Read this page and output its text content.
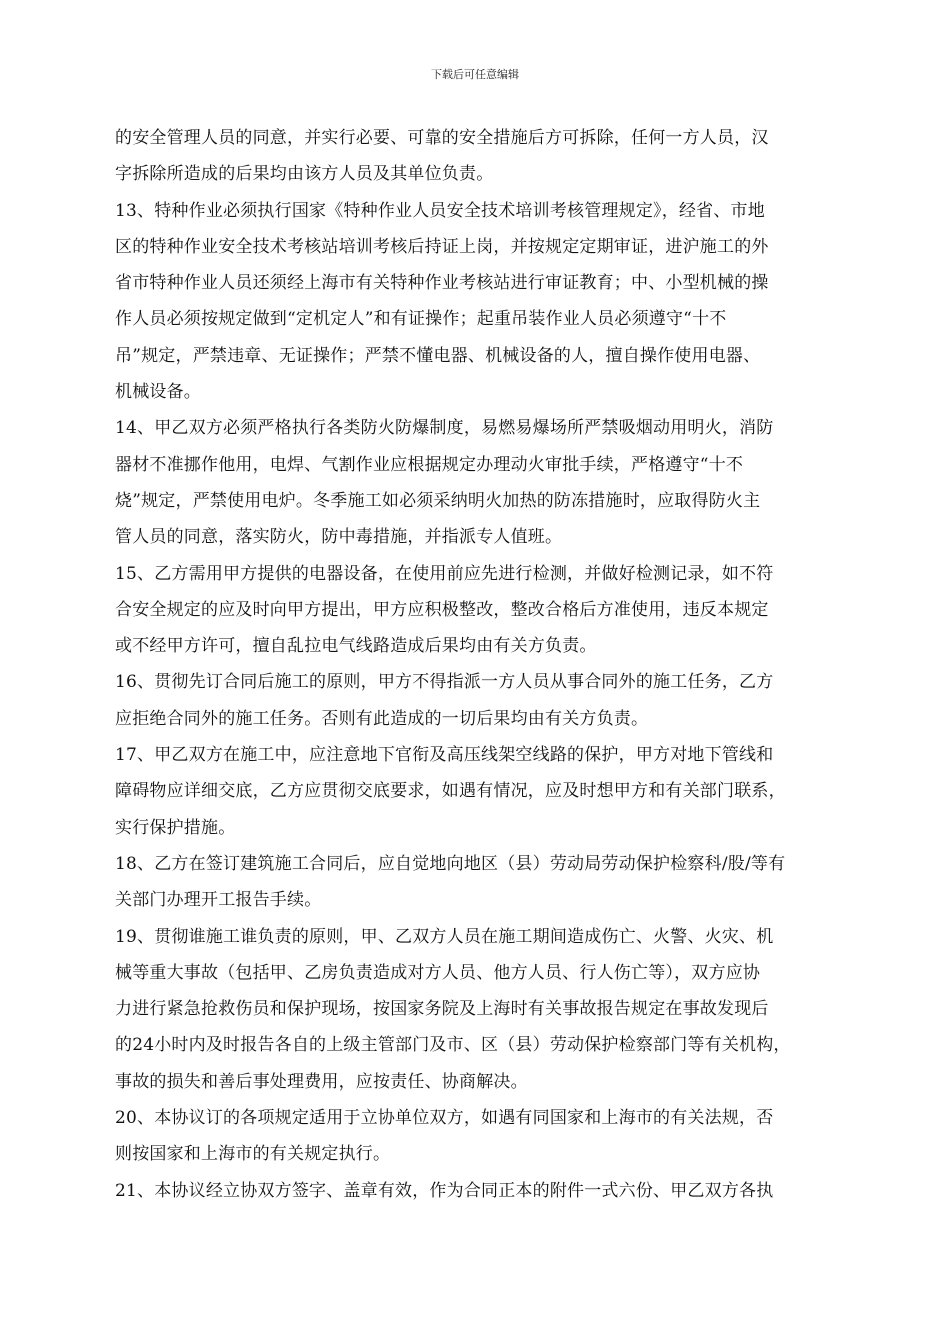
下载后可任意编辑
的安全管理人员的同意，并实行必要、可靠的安全措施后方可拆除，任何一方人员，汉
字拆除所造成的后果均由该方人员及其单位负责。
13、特种作业必须执行国家《特种作业人员安全技术培训考核管理规定》，经省、市地
区的特种作业安全技术考核站培训考核后持证上岗，并按规定定期审证，进沪施工的外
省市特种作业人员还须经上海市有关特种作业考核站进行审证教育；中、小型机械的操
作人员必须按规定做到“定机定人”和有证操作；起重吊装作业人员必须遵守“十不
吊”规定，严禁违章、无证操作；严禁不懂电器、机械设备的人，擅自操作使用电器、
机械设备。
14、甲乙双方必须严格执行各类防火防爆制度，易燃易爆场所严禁吸烟动用明火，消防
器材不准挪作他用，电焊、气割作业应根据规定办理动火审批手续，严格遵守“十不
烧”规定，严禁使用电炉。冬季施工如必须采纳明火加热的防冻措施时，应取得防火主
管人员的同意，落实防火，防中毒措施，并指派专人值班。
15、乙方需用甲方提供的电器设备，在使用前应先进行检测，并做好检测记录，如不符
合安全规定的应及时向甲方提出，甲方应积极整改，整改合格后方准使用，违反本规定
或不经甲方许可，擅自乱拉电气线路造成后果均由有关方负责。
16、贯彻先订合同后施工的原则，甲方不得指派一方人员从事合同外的施工任务，乙方
应拒绝合同外的施工任务。否则有此造成的一切后果均由有关方负责。
17、甲乙双方在施工中，应注意地下官衔及高压线架空线路的保护，甲方对地下管线和
障碍物应详细交底，乙方应贯彻交底要求，如遇有情况，应及时想甲方和有关部门联系，
实行保护措施。
18、乙方在签订建筑施工合同后，应自觉地向地区（县）劳动局劳动保护检察科/股/等有
关部门办理开工报告手续。
19、贯彻谁施工谁负责的原则，甲、乙双方人员在施工期间造成伤亡、火警、火灾、机
械等重大事故（包括甲、乙房负责造成对方人员、他方人员、行人伤亡等），双方应协
力进行紧急抢救伤员和保护现场，按国家务院及上海时有关事故报告规定在事故发现后
的24小时内及时报告各自的上级主管部门及市、区（县）劳动保护检察部门等有关机构，
事故的损失和善后事处理费用，应按责任、协商解决。
20、本协议订的各项规定适用于立协单位双方，如遇有同国家和上海市的有关法规，否
则按国家和上海市的有关规定执行。
21、本协议经立协双方签字、盖章有效，作为合同正本的附件一式六份、甲乙双方各执
